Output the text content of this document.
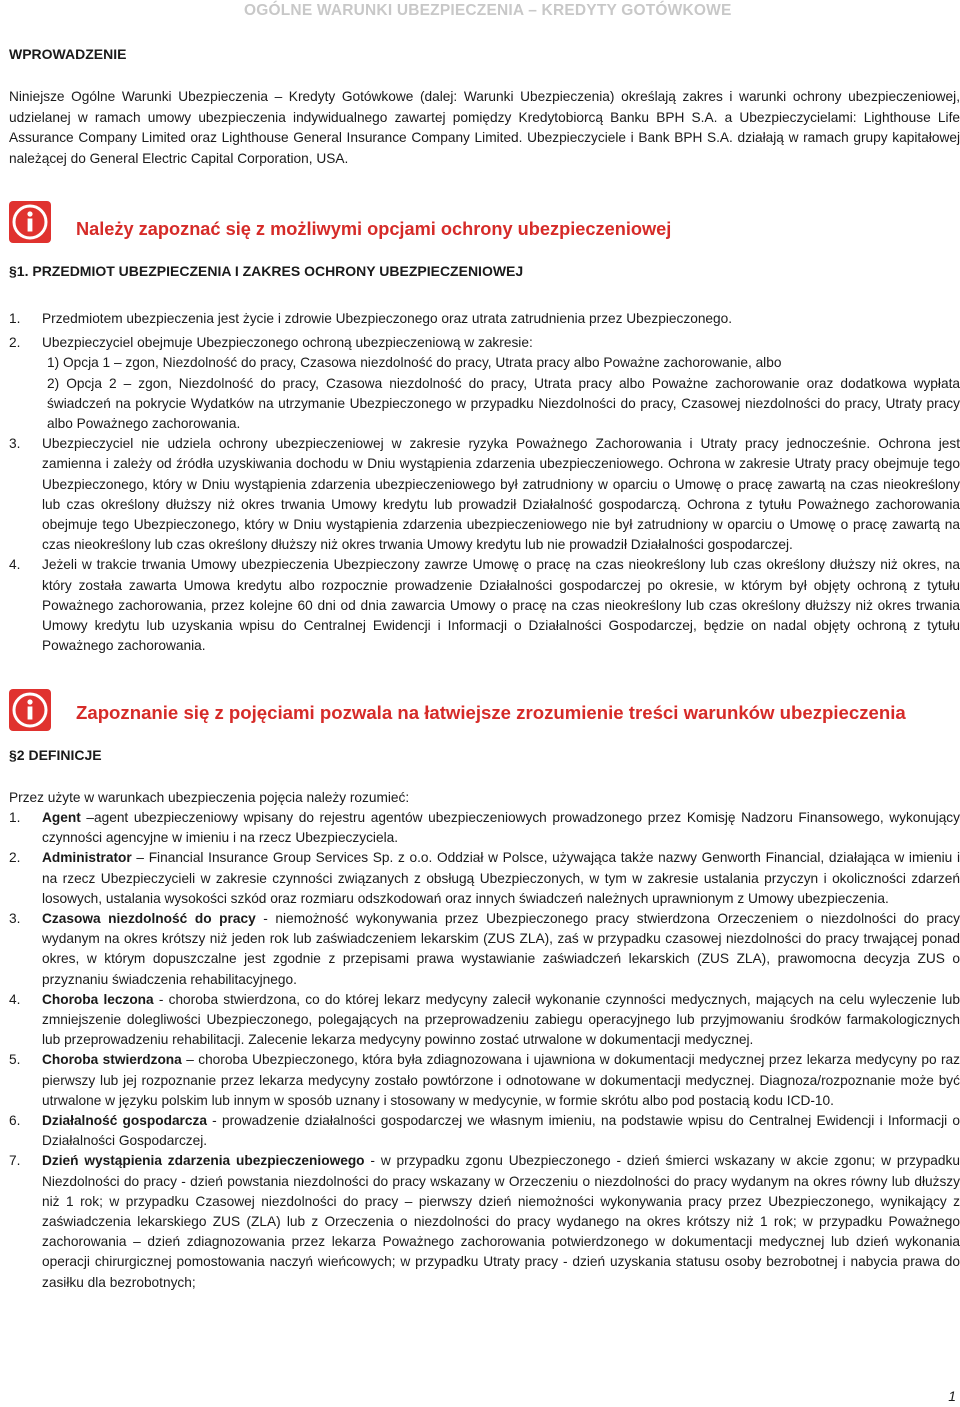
OGÓLNE WARUNKI UBEZPIECZENIA – KREDYTY GOTÓWKOWE
WPROWADZENIE
Niniejsze Ogólne Warunki Ubezpieczenia – Kredyty Gotówkowe (dalej: Warunki Ubezpieczenia) określają zakres i warunki ochrony ubezpieczeniowej, udzielanej w ramach umowy ubezpieczenia indywidualnego zawartej pomiędzy Kredytobiorcą Banku BPH S.A. a Ubezpieczycielami: Lighthouse Life Assurance Company Limited oraz Lighthouse General Insurance Company Limited. Ubezpieczyciele i Bank BPH S.A. działają w ramach grupy kapitałowej należącej do General Electric Capital Corporation, USA.
Należy zapoznać się z możliwymi opcjami ochrony ubezpieczeniowej
§1. PRZEDMIOT UBEZPIECZENIA I ZAKRES OCHRONY UBEZPIECZENIOWEJ
1. Przedmiotem ubezpieczenia jest życie i zdrowie Ubezpieczonego oraz utrata zatrudnienia przez Ubezpieczonego.
2. Ubezpieczyciel obejmuje Ubezpieczonego ochroną ubezpieczeniową w zakresie:
1) Opcja 1 – zgon, Niezdolność do pracy, Czasowa niezdolność do pracy, Utrata pracy albo Poważne zachorowanie, albo
2) Opcja 2 – zgon, Niezdolność do pracy, Czasowa niezdolność do pracy, Utrata pracy albo Poważne zachorowanie oraz dodatkowa wypłata świadczeń na pokrycie Wydatków na utrzymanie Ubezpieczonego w przypadku Niezdolności do pracy, Czasowej niezdolności do pracy, Utraty pracy albo Poważnego zachorowania.
3. Ubezpieczyciel nie udziela ochrony ubezpieczeniowej w zakresie ryzyka Poważnego Zachorowania i Utraty pracy jednocześnie. Ochrona jest zamienna i zależy od źródła uzyskiwania dochodu w Dniu wystąpienia zdarzenia ubezpieczeniowego. Ochrona w zakresie Utraty pracy obejmuje tego Ubezpieczonego, który w Dniu wystąpienia zdarzenia ubezpieczeniowego był zatrudniony w oparciu o Umowę o pracę zawartą na czas nieokreślony lub czas określony dłuższy niż okres trwania Umowy kredytu lub prowadził Działalność gospodarczą. Ochrona z tytułu Poważnego zachorowania obejmuje tego Ubezpieczonego, który w Dniu wystąpienia zdarzenia ubezpieczeniowego nie był zatrudniony w oparciu o Umowę o pracę zawartą na czas nieokreślony lub czas określony dłuższy niż okres trwania Umowy kredytu lub nie prowadził Działalności gospodarczej.
4. Jeżeli w trakcie trwania Umowy ubezpieczenia Ubezpieczony zawrze Umowę o pracę na czas nieokreślony lub czas określony dłuższy niż okres, na który została zawarta Umowa kredytu albo rozpocznie prowadzenie Działalności gospodarczej po okresie, w którym był objęty ochroną z tytułu Poważnego zachorowania, przez kolejne 60 dni od dnia zawarcia Umowy o pracę na czas nieokreślony lub czas określony dłuższy niż okres trwania Umowy kredytu lub uzyskania wpisu do Centralnej Ewidencji i Informacji o Działalności Gospodarczej, będzie on nadal objęty ochroną z tytułu Poważnego zachorowania.
Zapoznanie się z pojęciami pozwala na łatwiejsze zrozumienie treści warunków ubezpieczenia
§2 DEFINICJE
Przez użyte w warunkach ubezpieczenia pojęcia należy rozumieć:
1. Agent –agent ubezpieczeniowy wpisany do rejestru agentów ubezpieczeniowych prowadzonego przez Komisję Nadzoru Finansowego, wykonujący czynności agencyjne w imieniu i na rzecz Ubezpieczyciela.
2. Administrator – Financial Insurance Group Services Sp. z o.o. Oddział w Polsce, używająca także nazwy Genworth Financial, działająca w imieniu i na rzecz Ubezpieczycieli w zakresie czynności związanych z obsługą Ubezpieczonych, w tym w zakresie ustalania przyczyn i okoliczności zdarzeń losowych, ustalania wysokości szkód oraz rozmiaru odszkodowań oraz innych świadczeń należnych uprawnionym z Umowy ubezpieczenia.
3. Czasowa niezdolność do pracy - niemożność wykonywania przez Ubezpieczonego pracy stwierdzona Orzeczeniem o niezdolności do pracy wydanym na okres krótszy niż jeden rok lub zaświadczeniem lekarskim (ZUS ZLA), zaś w przypadku czasowej niezdolności do pracy trwającej ponad okres, w którym dopuszczalne jest zgodnie z przepisami prawa wystawianie zaświadczeń lekarskich (ZUS ZLA), prawomocna decyzja ZUS o przyznaniu świadczenia rehabilitacyjnego.
4. Choroba leczona - choroba stwierdzona, co do której lekarz medycyny zalecił wykonanie czynności medycznych, mających na celu wyleczenie lub zmniejszenie dolegliwości Ubezpieczonego, polegających na przeprowadzeniu zabiegu operacyjnego lub przyjmowaniu środków farmakologicznych lub przeprowadzeniu rehabilitacji. Zalecenie lekarza medycyny powinno zostać utrwalone w dokumentacji medycznej.
5. Choroba stwierdzona – choroba Ubezpieczonego, która była zdiagnozowana i ujawniona w dokumentacji medycznej przez lekarza medycyny po raz pierwszy lub jej rozpoznanie przez lekarza medycyny zostało powtórzone i odnotowane w dokumentacji medycznej. Diagnoza/rozpoznanie może być utrwalone w języku polskim lub innym w sposób uznany i stosowany w medycynie, w formie skrótu albo pod postacią kodu ICD-10.
6. Działalność gospodarcza - prowadzenie działalności gospodarczej we własnym imieniu, na podstawie wpisu do Centralnej Ewidencji i Informacji o Działalności Gospodarczej.
7. Dzień wystąpienia zdarzenia ubezpieczeniowego - w przypadku zgonu Ubezpieczonego - dzień śmierci wskazany w akcie zgonu; w przypadku Niezdolności do pracy - dzień powstania niezdolności do pracy wskazany w Orzeczeniu o niezdolności do pracy wydanym na okres równy lub dłuższy niż 1 rok; w przypadku Czasowej niezdolności do pracy – pierwszy dzień niemożności wykonywania pracy przez Ubezpieczonego, wynikający z zaświadczenia lekarskiego ZUS (ZLA) lub z Orzeczenia o niezdolności do pracy wydanego na okres krótszy niż 1 rok; w przypadku Poważnego zachorowania – dzień zdiagnozowania przez lekarza Poważnego zachorowania potwierdzonego w dokumentacji medycznej lub dzień wykonania operacji chirurgicznej pomostowania naczyń wieńcowych; w przypadku Utraty pracy - dzień uzyskania statusu osoby bezrobotnej i nabycia prawa do zasiłku dla bezrobotnych;
1
